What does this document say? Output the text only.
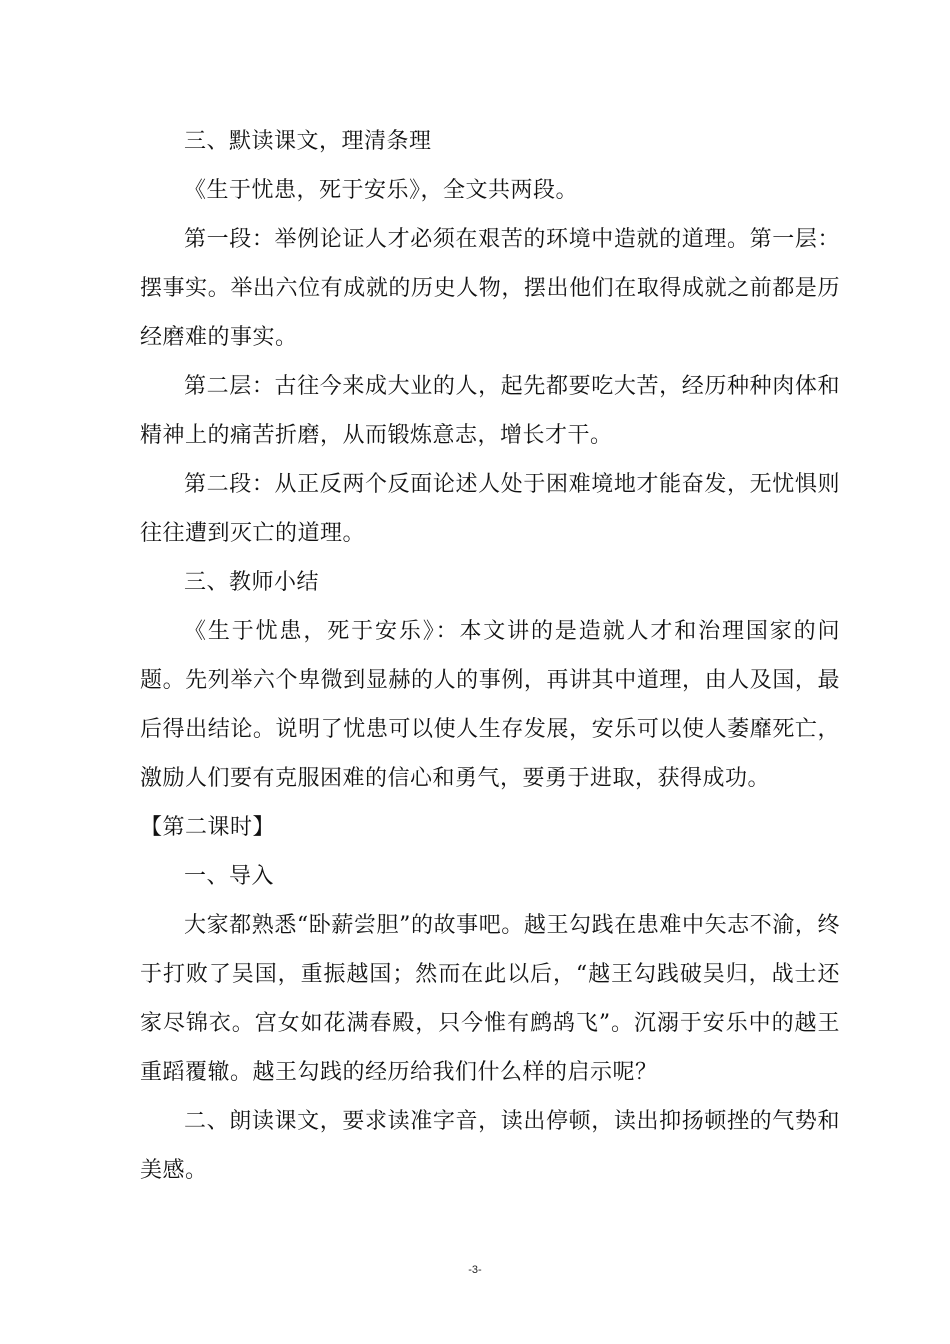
三、默读课文，理清条理

《生于忧患，死于安乐》，全文共两段。

第一段：举例论证人才必须在艰苦的环境中造就的道理。第一层：摆事实。举出六位有成就的历史人物，摆出他们在取得成就之前都是历经磨难的事实。

第二层：古往今来成大业的人，起先都要吃大苦，经历种种肉体和精神上的痛苦折磨，从而锻炼意志，增长才干。

第二段：从正反两个反面论述人处于困难境地才能奋发，无忧惧则往往遭到灭亡的道理。

三、教师小结

《生于忧患，死于安乐》：本文讲的是造就人才和治理国家的问题。先列举六个卑微到显赫的人的事例，再讲其中道理，由人及国，最后得出结论。说明了忧患可以使人生存发展，安乐可以使人萎靡死亡，激励人们要有克服困难的信心和勇气，要勇于进取，获得成功。

【第二课时】

一、导入

大家都熟悉“卧薪尝胆”的故事吧。越王勾践在患难中矢志不渝，终于打败了吴国，重振越国；然而在此以后，“越王勾践破吴归，战士还家尽锦衣。宫女如花满春殿，只今惟有鹧鸪飞”。沉溺于安乐中的越王重蹈覆辙。越王勾践的经历给我们什么样的启示呢？

二、朗读课文，要求读准字音，读出停顿，读出抑扬顿挫的气势和美感。

-3-
